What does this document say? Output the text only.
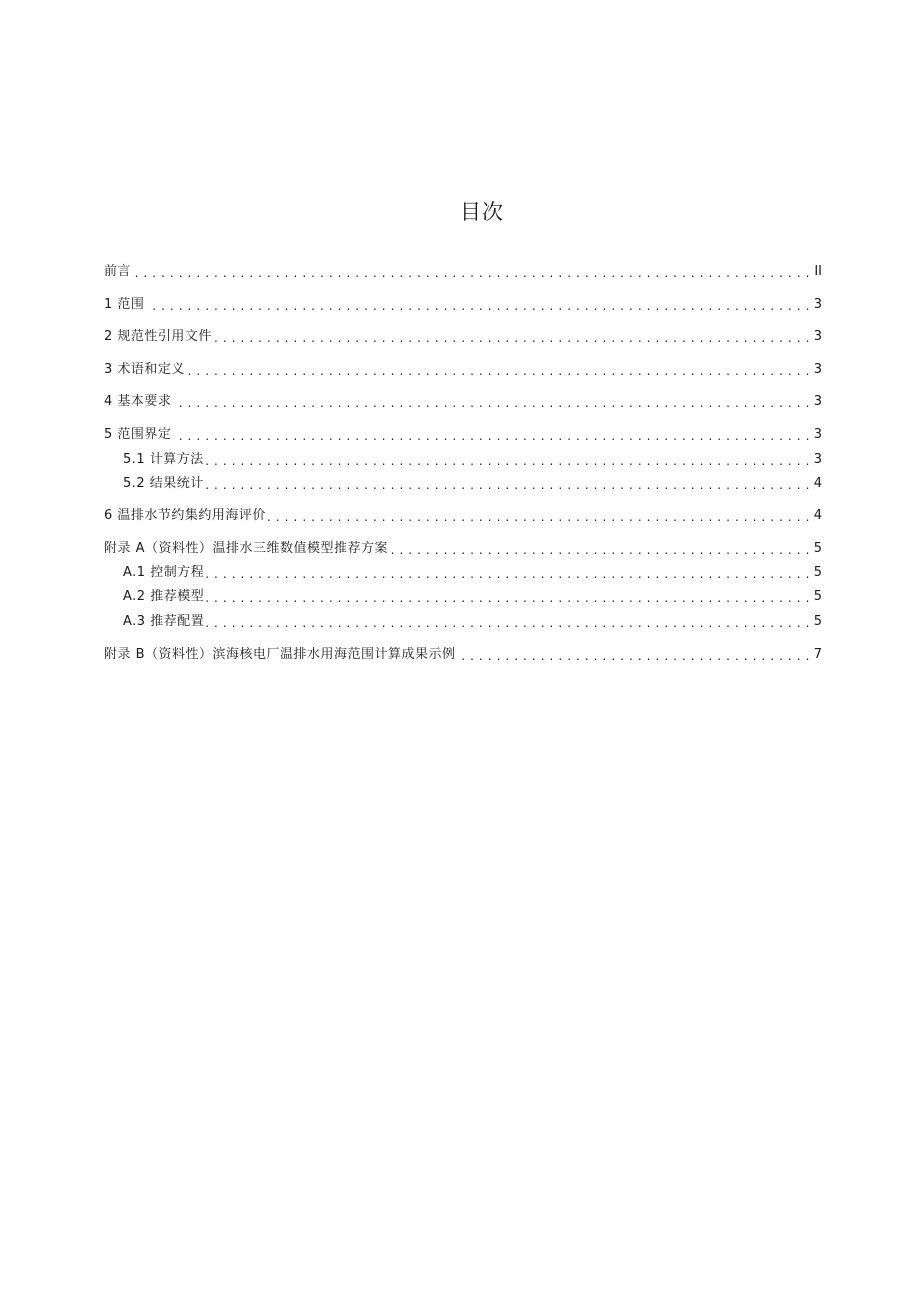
目次
前言 . . .	II
1 范围 . . .	3
2 规范性引用文件 . . .	3
3 术语和定义 . . .	3
4 基本要求 . . .	3
5 范围界定 . . .	3
5.1 计算方法 . . .	3
5.2 结果统计 . . .	4
6 温排水节约集约用海评价 . . .	4
附录 A（资料性）温排水三维数值模型推荐方案 . . .	5
A.1 控制方程 . . .	5
A.2 推荐模型 . . .	5
A.3 推荐配置 . . .	5
附录 B（资料性）滨海核电厂温排水用海范围计算成果示例 . . .	7
